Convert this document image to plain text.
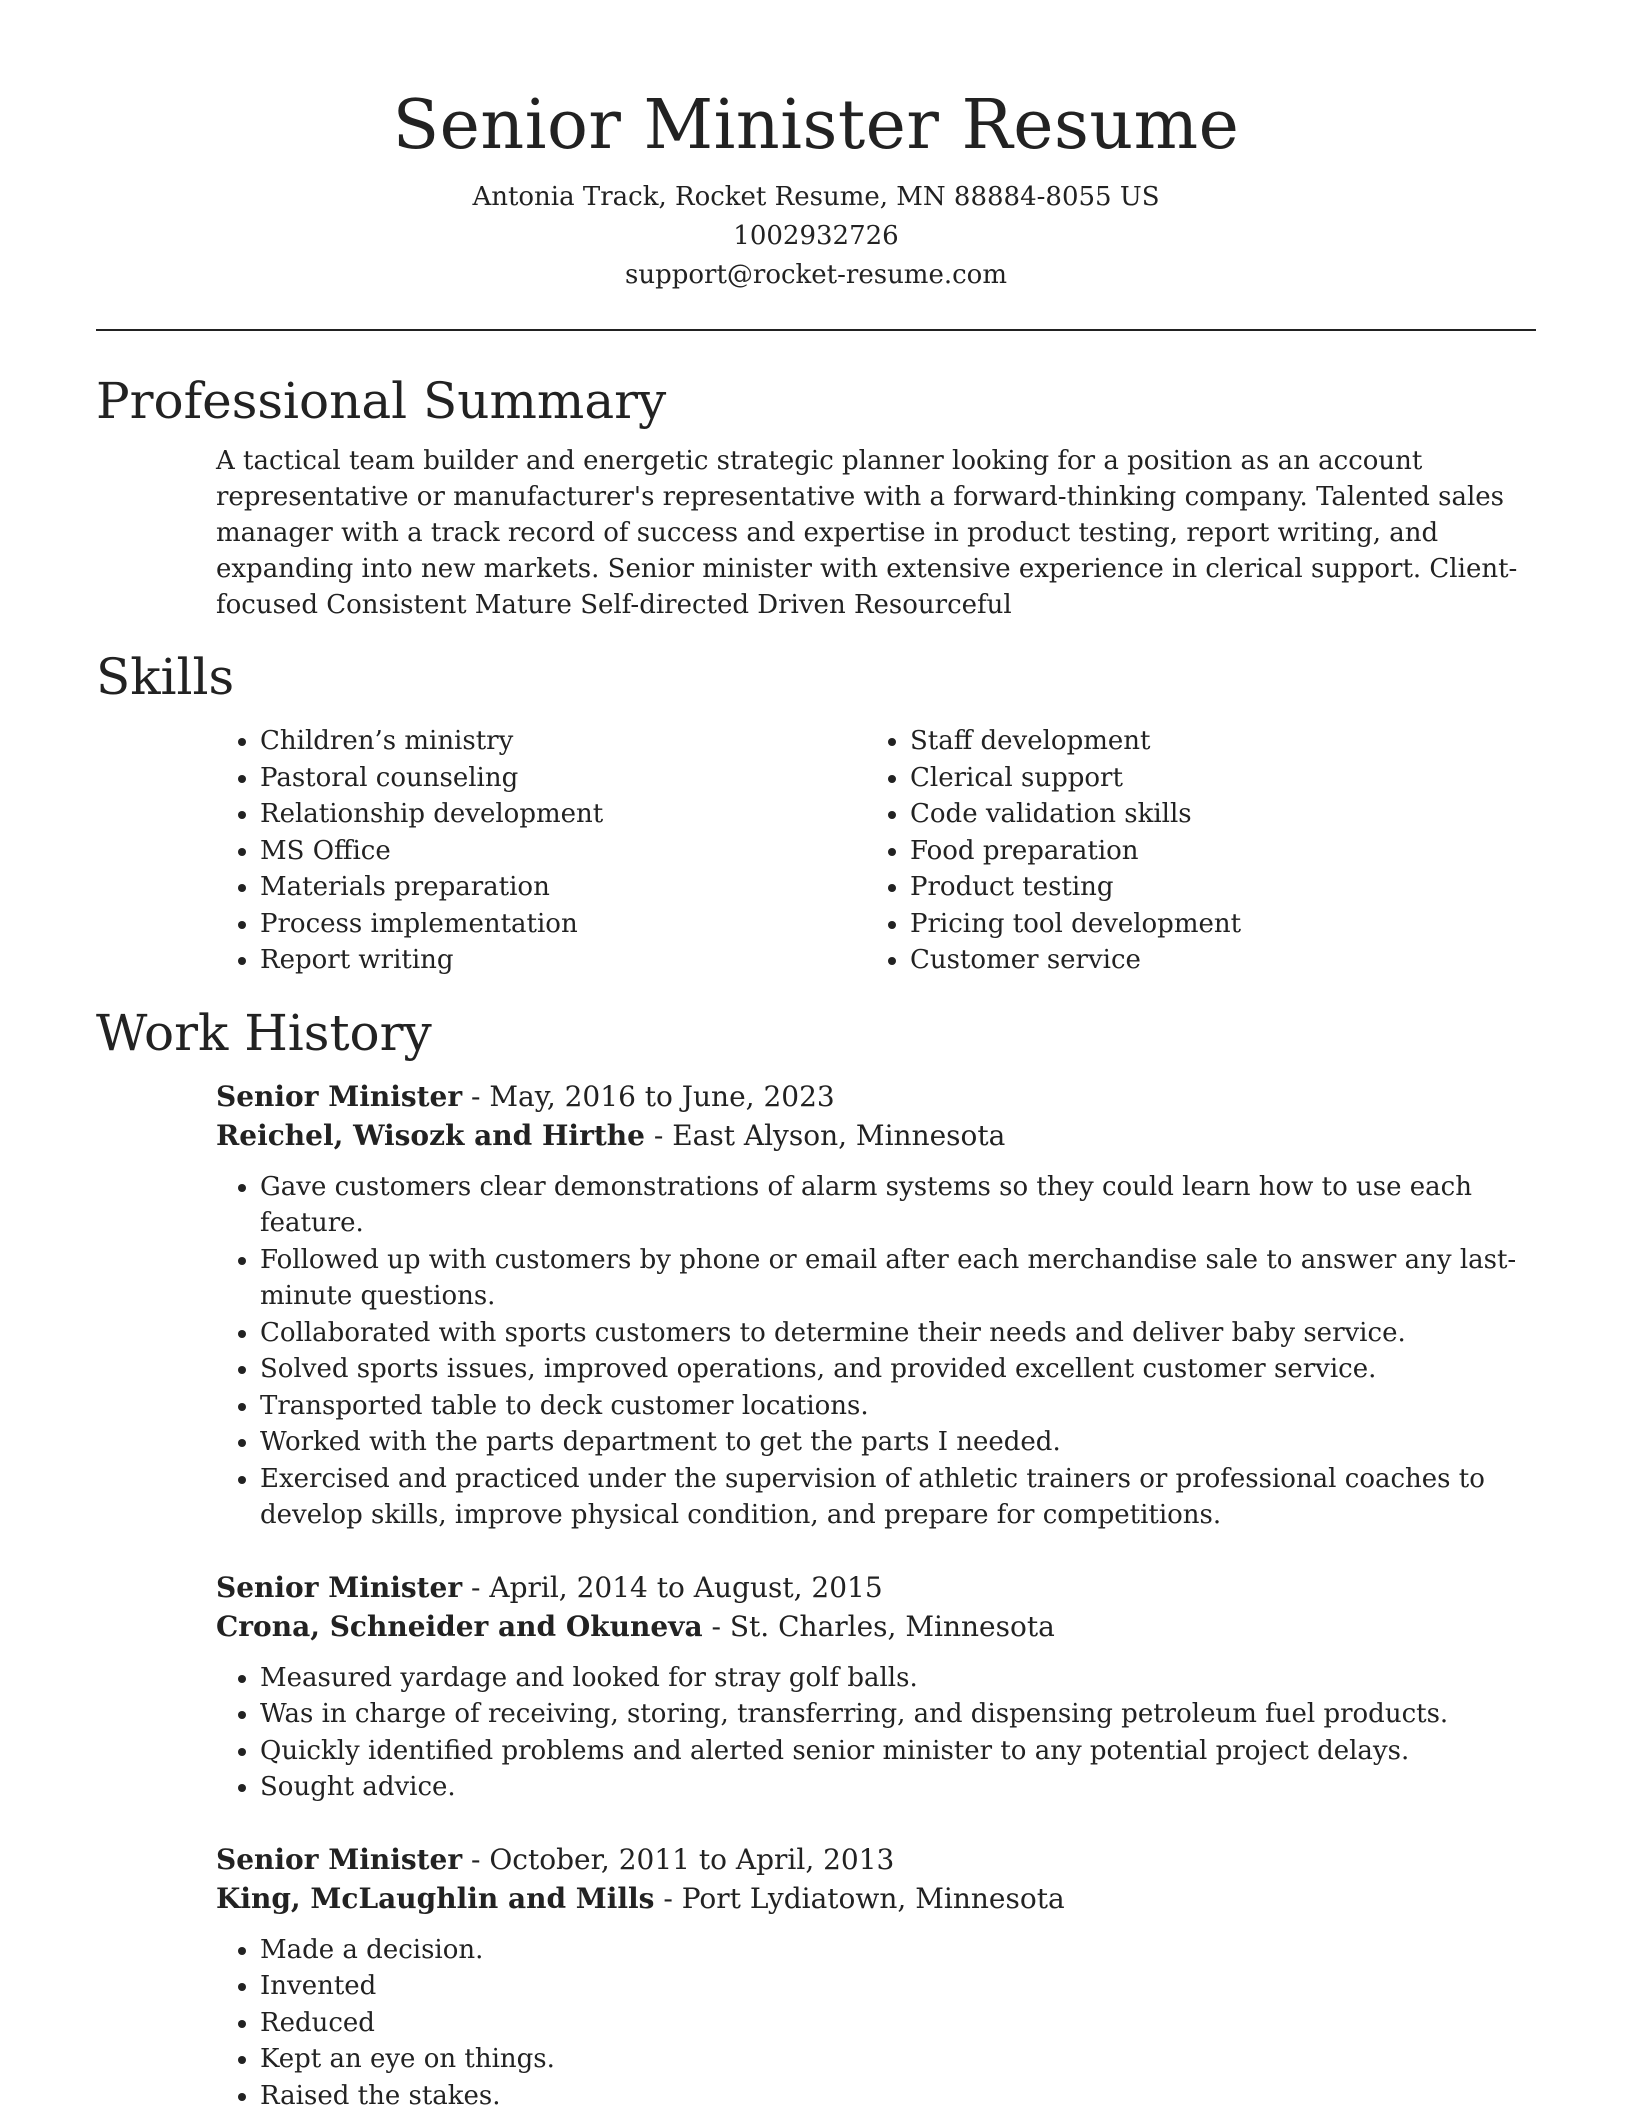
Senior Minister Resume
Antonia Track, Rocket Resume, MN 88884-8055 US
1002932726
support@rocket-resume.com
Professional Summary

A tactical team builder and energetic strategic planner looking for a position as an account representative or manufacturer's representative with a forward-thinking company. Talented sales manager with a track record of success and expertise in product testing, report writing, and expanding into new markets. Senior minister with extensive experience in clerical support. Client-focused Consistent Mature Self-directed Driven Resourceful

Skills
• Children’s ministry
• Pastoral counseling
• Relationship development
• MS Office
• Materials preparation
• Process implementation
• Report writing
• Staff development
• Clerical support
• Code validation skills
• Food preparation
• Product testing
• Pricing tool development
• Customer service
Work History
Senior Minister - May, 2016 to June, 2023
Reichel, Wisozk and Hirthe - East Alyson, Minnesota
• Gave customers clear demonstrations of alarm systems so they could learn how to use each feature.
• Followed up with customers by phone or email after each merchandise sale to answer any last-minute questions.
• Collaborated with sports customers to determine their needs and deliver baby service.
• Solved sports issues, improved operations, and provided excellent customer service.
• Transported table to deck customer locations.
• Worked with the parts department to get the parts I needed.
• Exercised and practiced under the supervision of athletic trainers or professional coaches to develop skills, improve physical condition, and prepare for competitions.
Senior Minister - April, 2014 to August, 2015
Crona, Schneider and Okuneva - St. Charles, Minnesota
• Measured yardage and looked for stray golf balls.
• Was in charge of receiving, storing, transferring, and dispensing petroleum fuel products.
• Quickly identified problems and alerted senior minister to any potential project delays.
• Sought advice.
Senior Minister - October, 2011 to April, 2013
King, McLaughlin and Mills - Port Lydiatown, Minnesota
• Made a decision.
• Invented
• Reduced
• Kept an eye on things.
• Raised the stakes.
